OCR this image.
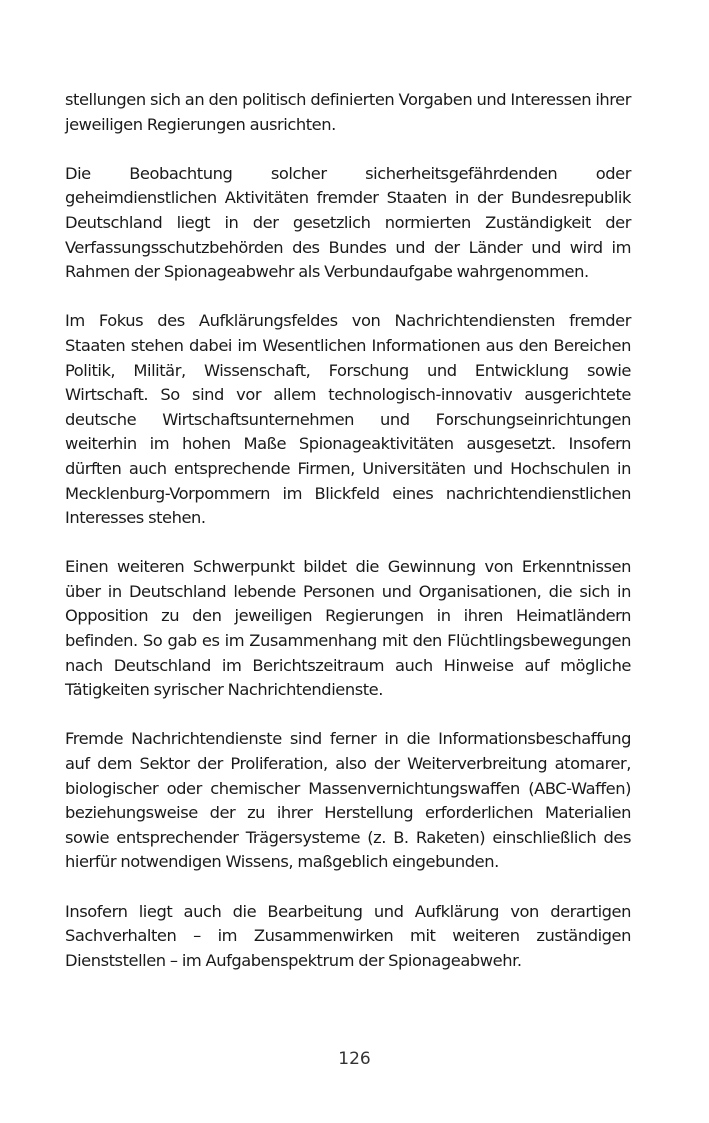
stellungen sich an den politisch definierten Vorgaben und Interessen ihrer jeweiligen Regierungen ausrichten.

Die Beobachtung solcher sicherheitsgefährdenden oder geheimdienstlichen Aktivitäten fremder Staaten in der Bundesrepublik Deutschland liegt in der gesetzlich normierten Zuständigkeit der Verfassungsschutzbehörden des Bundes und der Länder und wird im Rahmen der Spionageabwehr als Verbundaufgabe wahrgenommen.

Im Fokus des Aufklärungsfeldes von Nachrichtendiensten fremder Staaten stehen dabei im Wesentlichen Informationen aus den Bereichen Politik, Militär, Wissenschaft, Forschung und Entwicklung sowie Wirtschaft. So sind vor allem technologisch-innovativ ausgerichtete deutsche Wirtschaftsunternehmen und Forschungseinrichtungen weiterhin im hohen Maße Spionageaktivitäten ausgesetzt. Insofern dürften auch entsprechende Firmen, Universitäten und Hochschulen in Mecklenburg-Vorpommern im Blickfeld eines nachrichtendienstlichen Interesses stehen.

Einen weiteren Schwerpunkt bildet die Gewinnung von Erkenntnissen über in Deutschland lebende Personen und Organisationen, die sich in Opposition zu den jeweiligen Regierungen in ihren Heimatländern befinden. So gab es im Zusammenhang mit den Flüchtlingsbewegungen nach Deutschland im Berichtszeitraum auch Hinweise auf mögliche Tätigkeiten syrischer Nachrichtendienste.

Fremde Nachrichtendienste sind ferner in die Informationsbeschaffung auf dem Sektor der Proliferation, also der Weiterverbreitung atomarer, biologischer oder chemischer Massenvernichtungswaffen (ABC-Waffen) beziehungsweise der zu ihrer Herstellung erforderlichen Materialien sowie entsprechender Trägersysteme (z. B. Raketen) einschließlich des hierfür notwendigen Wissens, maßgeblich eingebunden.

Insofern liegt auch die Bearbeitung und Aufklärung von derartigen Sachverhalten – im Zusammenwirken mit weiteren zuständigen Dienststellen – im Aufgabenspektrum der Spionageabwehr.

126
